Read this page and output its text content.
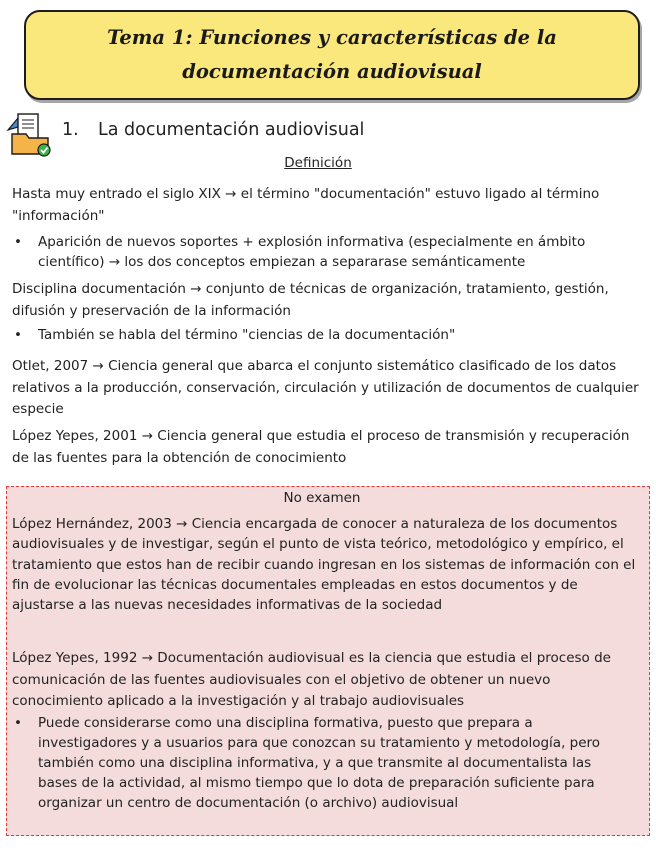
Tema 1: Funciones y características de la
documentación audiovisual
1. La documentación audiovisual
Definición

Hasta muy entrado el siglo XIX → el término "documentación" estuvo ligado al término "información"

• Aparición de nuevos soportes + explosión informativa (especialmente en ámbito científico) → los dos conceptos empiezan a separarase semánticamente

Disciplina documentación → conjunto de técnicas de organización, tratamiento, gestión, difusión y preservación de la información

• También se habla del término "ciencias de la documentación"

Otlet, 2007 → Ciencia general que abarca el conjunto sistemático clasificado de los datos relativos a la producción, conservación, circulación y utilización de documentos de cualquier especie

López Yepes, 2001 → Ciencia general que estudia el proceso de transmisión y recuperación de las fuentes para la obtención de conocimiento

No examen

López Hernández, 2003 → Ciencia encargada de conocer a naturaleza de los documentos audiovisuales y de investigar, según el punto de vista teórico, metodológico y empírico, el tratamiento que estos han de recibir cuando ingresan en los sistemas de información con el fin de evolucionar las técnicas documentales empleadas en estos documentos y de ajustarse a las nuevas necesidades informativas de la sociedad

López Yepes, 1992 → Documentación audiovisual es la ciencia que estudia el proceso de comunicación de las fuentes audiovisuales con el objetivo de obtener un nuevo conocimiento aplicado a la investigación y al trabajo audiovisuales

• Puede considerarse como una disciplina formativa, puesto que prepara a investigadores y a usuarios para que conozcan su tratamiento y metodología, pero también como una disciplina informativa, y a que transmite al documentalista las bases de la actividad, al mismo tiempo que lo dota de preparación suficiente para organizar un centro de documentación (o archivo) audiovisual
